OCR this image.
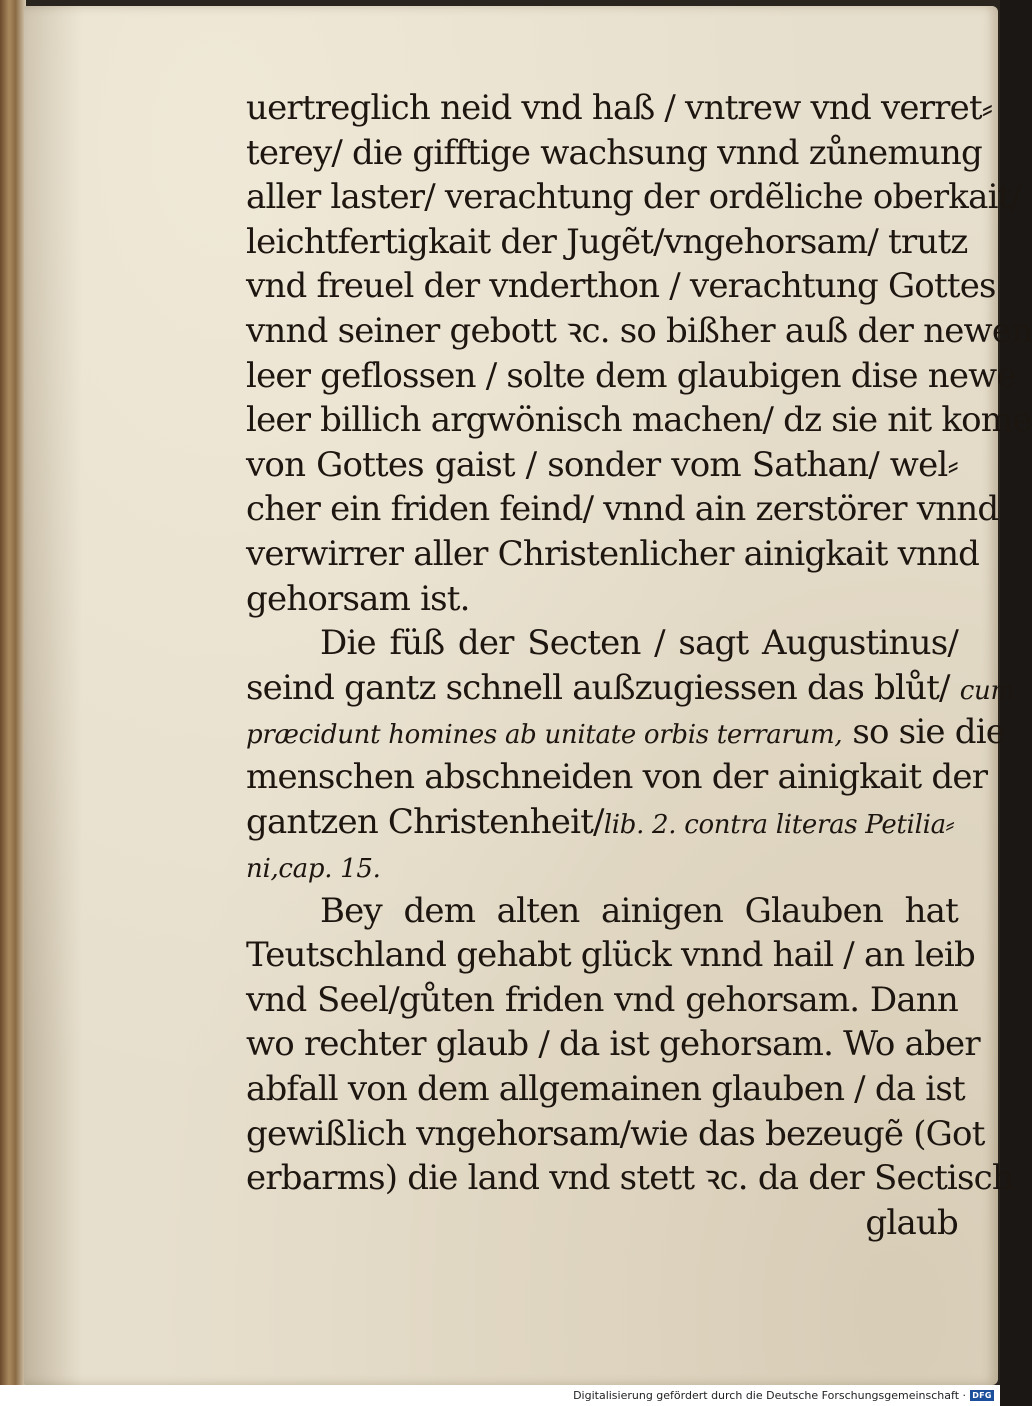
uertreglich neid vnd haß / vntrew vnd verret⸗
terey/ die gifftige wachsung vnnd zůnemung
aller laster/ verachtung der ordẽliche oberkait/
leichtfertigkait der Jugẽt/vngehorsam/ trutz
vnd freuel der vnderthon / verachtung Gottes
vnnd seiner gebott ꝛc. so bißher auß der newen
leer geflossen / solte dem glaubigen dise newe
leer billich argwönisch machen/ dz sie nit kome
von Gottes gaist / sonder vom Sathan/ wel⸗
cher ein friden feind/ vnnd ain zerstörer vnnd
verwirrer aller Christenlicher ainigkait vnnd
gehorsam ist.
Die füß der Secten / sagt Augustinus/
seind gantz schnell außzugiessen das blůt/ cum
præcidunt homines ab unitate orbis terrarum, so sie die
menschen abschneiden von der ainigkait der
gantzen Christenheit/lib. 2. contra literas Petilia⸗
ni,cap. 15.
Bey dem alten ainigen Glauben hat
Teutschland gehabt glück vnnd hail / an leib
vnd Seel/gůten friden vnd gehorsam. Dann
wo rechter glaub / da ist gehorsam. Wo aber
abfall von dem allgemainen glauben / da ist
gewißlich vngehorsam/wie das bezeugẽ (Got
erbarms) die land vnd stett ꝛc. da der Sectisch
glaub
Digitalisierung gefördert durch die Deutsche Forschungsgemeinschaft · DFG
